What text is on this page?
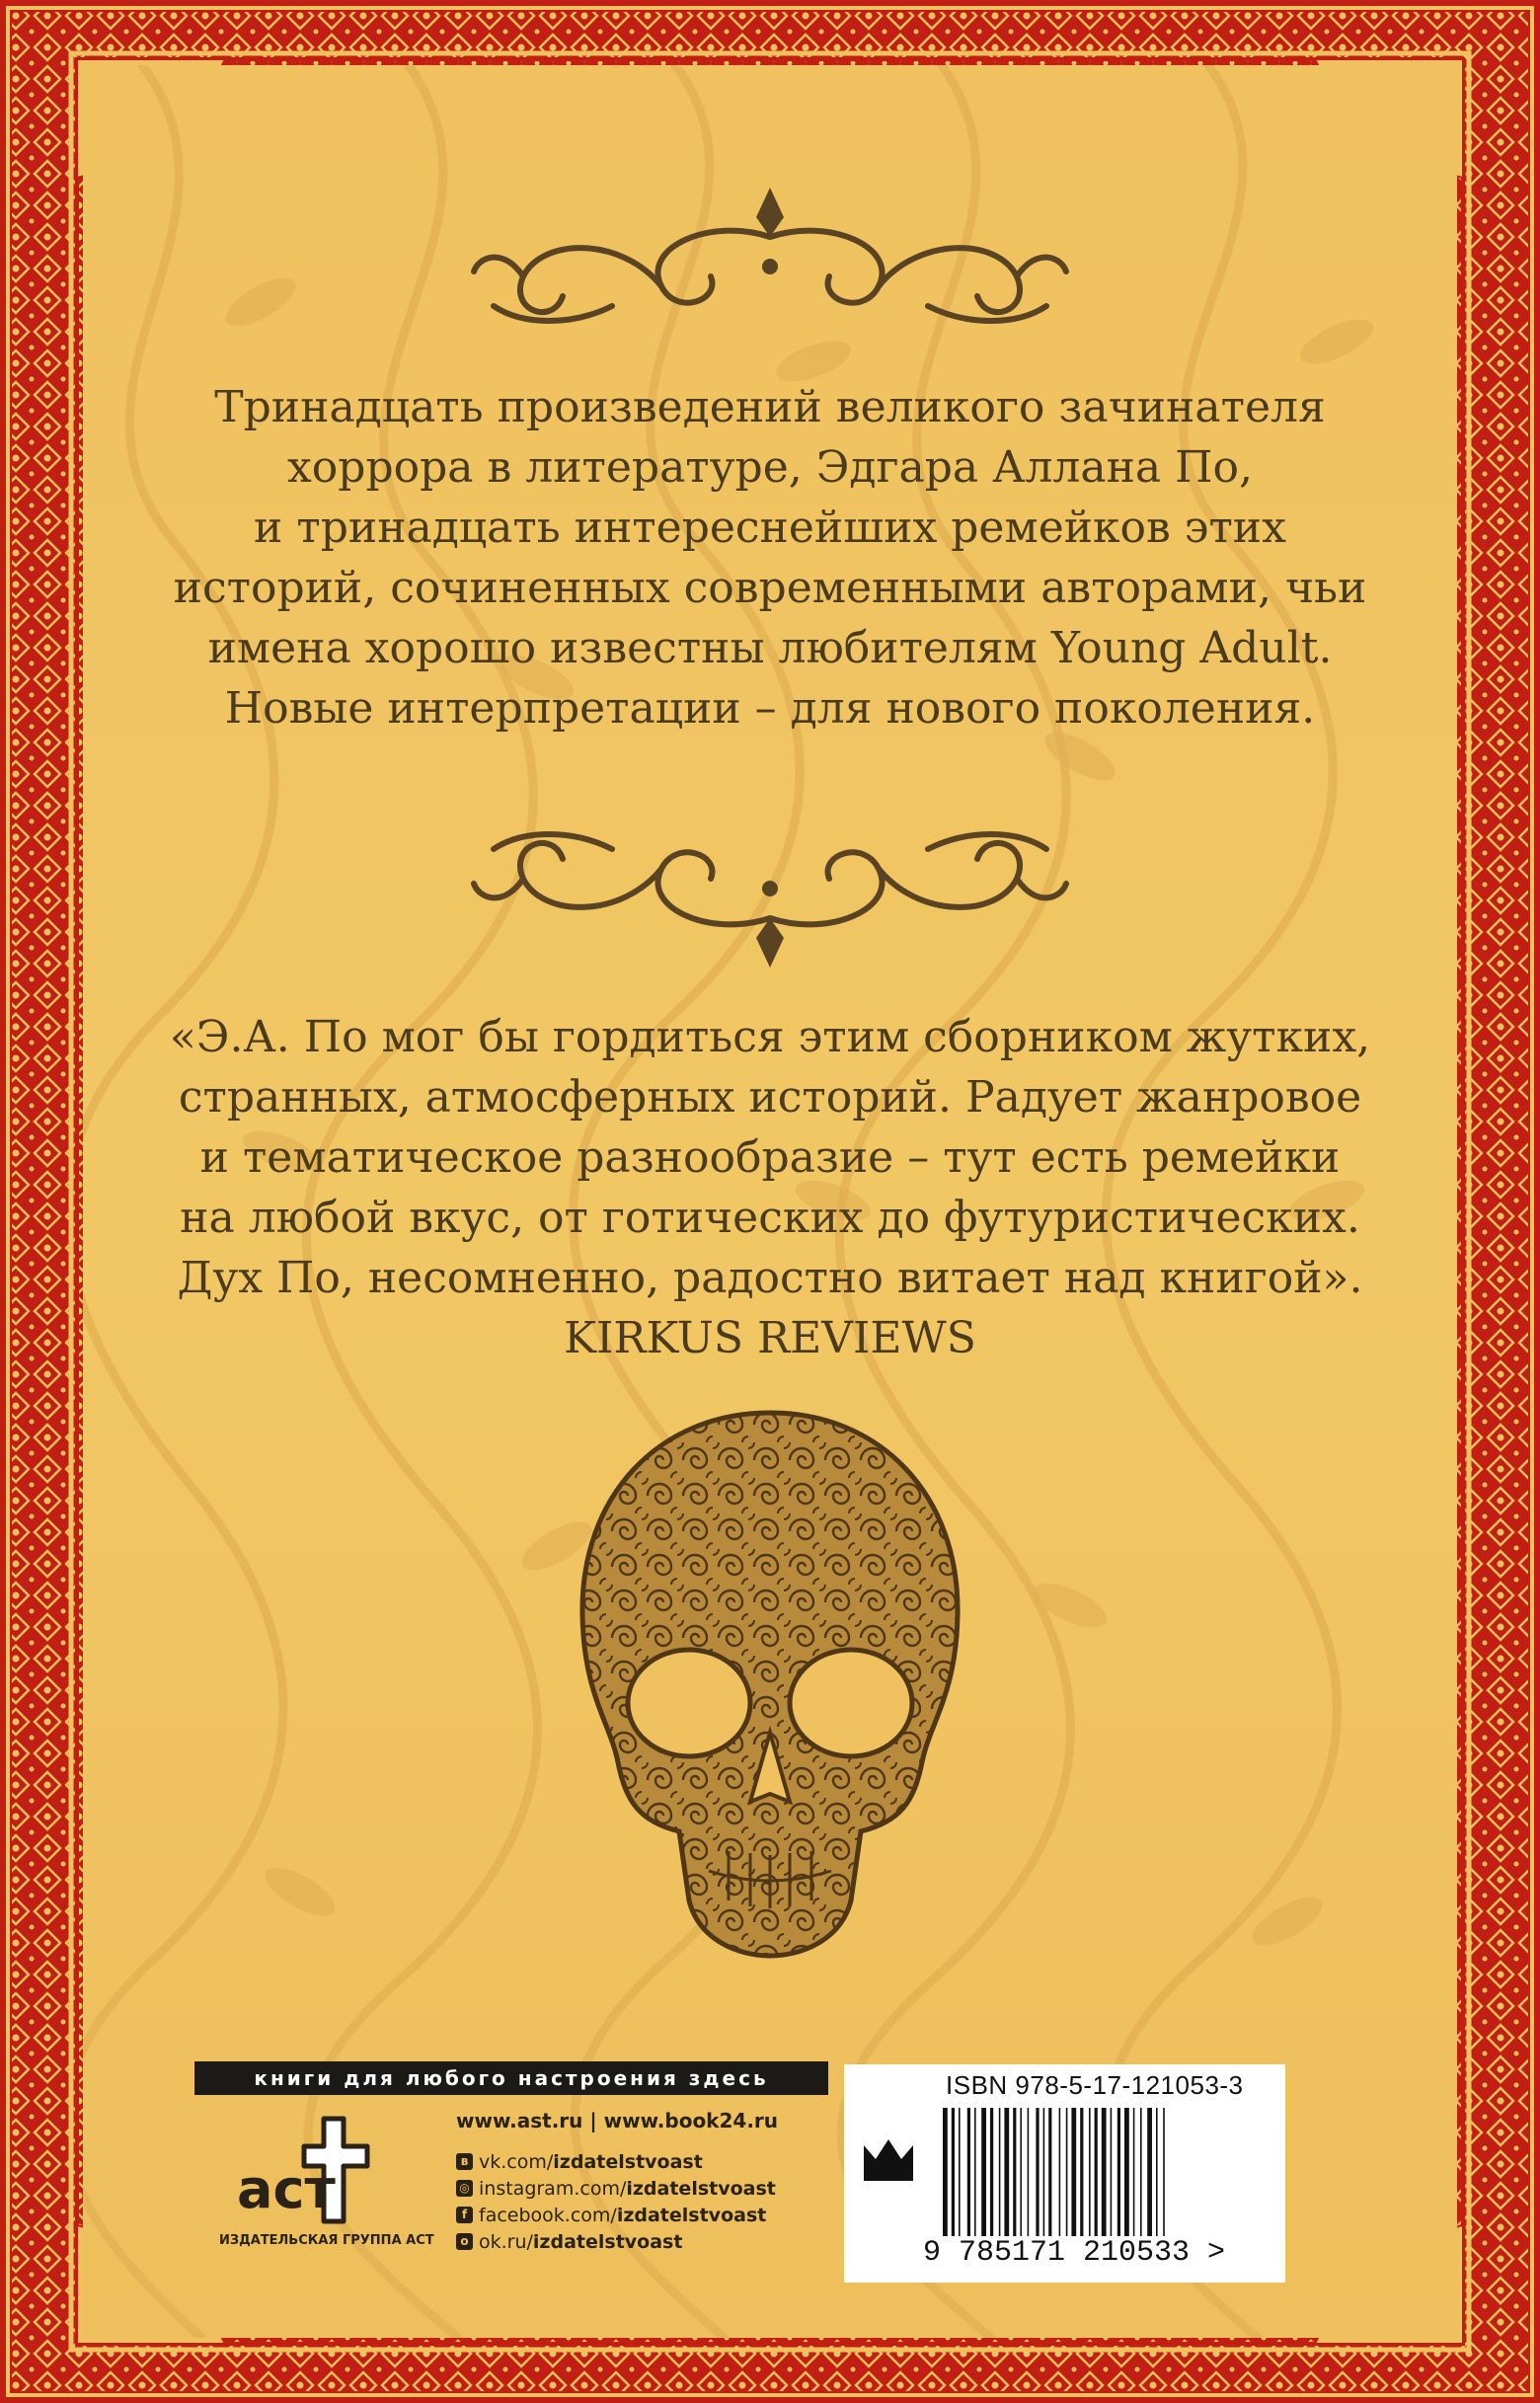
Тринадцать произведений великого зачинателя
хоррора в литературе, Эдгара Аллана По,
и тринадцать интереснейших ремейков этих
историй, сочиненных современными авторами, чьи
имена хорошо известны любителям Young Adult.
Новые интерпретации – для нового поколения.
«Э.А. По мог бы гордиться этим сборником жутких,
странных, атмосферных историй. Радует жанровое
и тематическое разнообразие – тут есть ремейки
на любой вкус, от готических до футуристических.
Дух По, несомненно, радостно витает над книгой».
KIRKUS REVIEWS
книги для любого настроения здесь
аст
ИЗДАТЕЛЬСКАЯ ГРУППА АСТ
www.ast.ru | www.book24.ru
в vk.com/ izdatelstvoast
◎ instagram.com/ izdatelstvoast
f facebook.com/ izdatelstvoast
о ok.ru/ izdatelstvoast
ISBN 978-5-17-121053-3
9 785171 210533 >
